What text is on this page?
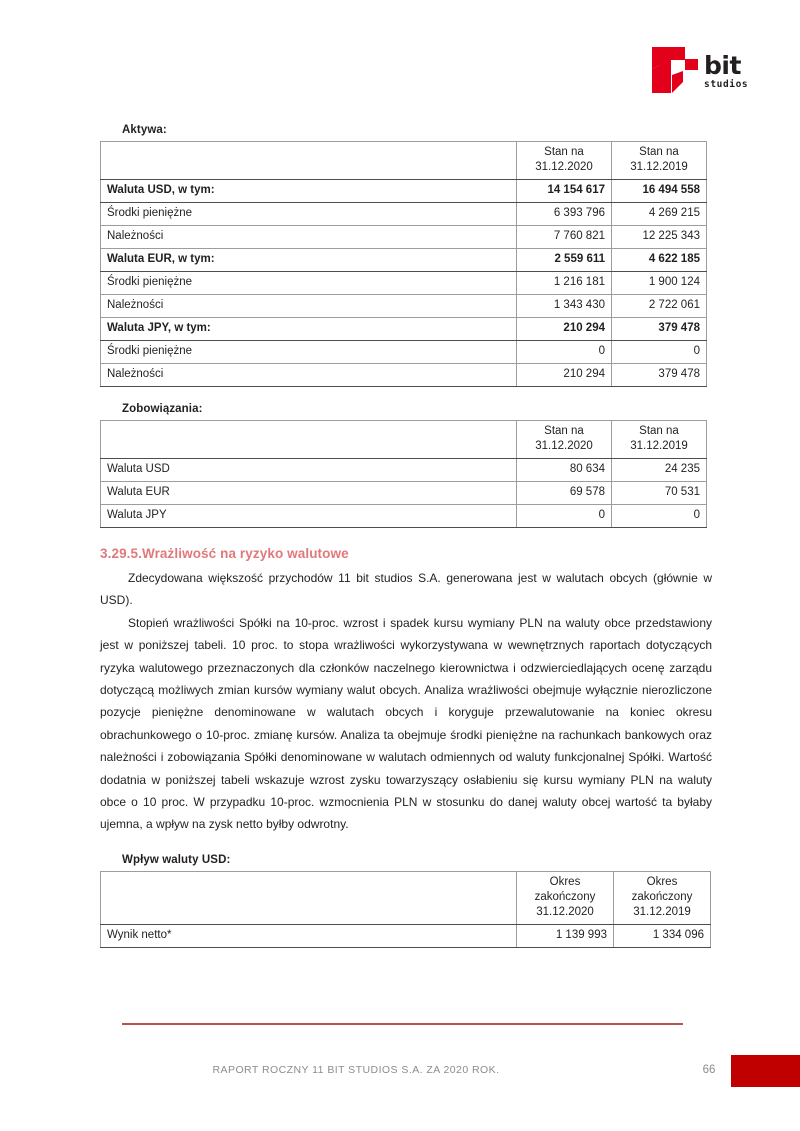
bit
studios
Aktywa:
	Stan na
31.12.2020	Stan na
31.12.2019
Waluta USD, w tym:	14 154 617	16 494 558
Środki pieniężne	6 393 796	4 269 215
Należności	7 760 821	12 225 343
Waluta EUR, w tym:	2 559 611	4 622 185
Środki pieniężne	1 216 181	1 900 124
Należności	1 343 430	2 722 061
Waluta JPY, w tym:	210 294	379 478
Środki pieniężne	0	0
Należności	210 294	379 478
Zobowiązania:
	Stan na
31.12.2020	Stan na
31.12.2019
Waluta USD	80 634	24 235
Waluta EUR	69 578	70 531
Waluta JPY	0	0
3.29.5.Wrażliwość na ryzyko walutowe

Zdecydowana większość przychodów 11 bit studios S.A. generowana jest w walutach obcych (głównie w USD).

Stopień wrażliwości Spółki na 10-proc. wzrost i spadek kursu wymiany PLN na waluty obce przedstawiony jest w poniższej tabeli. 10 proc. to stopa wrażliwości wykorzystywana w wewnętrznych raportach dotyczących ryzyka walutowego przeznaczonych dla członków naczelnego kierownictwa i odzwierciedlających ocenę zarządu dotyczącą możliwych zmian kursów wymiany walut obcych. Analiza wrażliwości obejmuje wyłącznie nierozliczone pozycje pieniężne denominowane w walutach obcych i koryguje przewalutowanie na koniec okresu obrachunkowego o 10-proc. zmianę kursów. Analiza ta obejmuje środki pieniężne na rachunkach bankowych oraz należności i zobowiązania Spółki denominowane w walutach odmiennych od waluty funkcjonalnej Spółki. Wartość dodatnia w poniższej tabeli wskazuje wzrost zysku towarzyszący osłabieniu się kursu wymiany PLN na waluty obce o 10 proc. W przypadku 10-proc. wzmocnienia PLN w stosunku do danej waluty obcej wartość ta byłaby ujemna, a wpływ na zysk netto byłby odwrotny.

Wpływ waluty USD:
	Okres
zakończony
31.12.2020	Okres
zakończony
31.12.2019
Wynik netto*	1 139 993	1 334 096
RAPORT ROCZNY 11 BIT STUDIOS S.A. ZA 2020 ROK.	66
